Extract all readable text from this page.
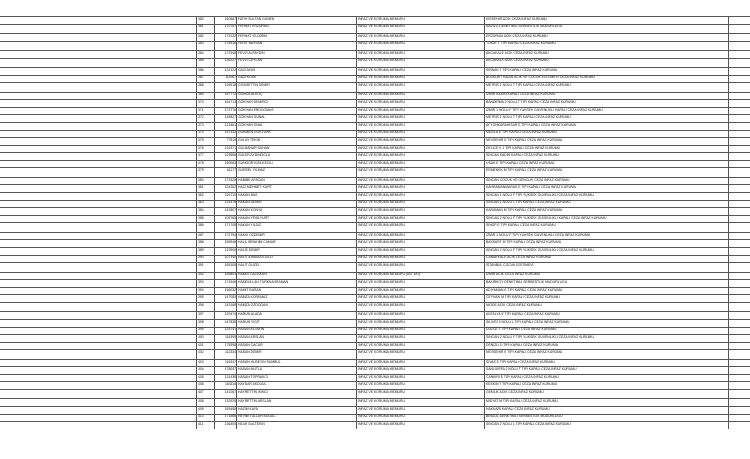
380	160567 FATIH SULTAN GUNEN	INFAZ VE KORUMA MEMURU	KIRSEHIR ACIK CEZA INFAZ KURUMU
381	170757 FERHAT ERZURAN	INFAZ VE KORUMA MEMURU	NAZILLI DENETIMLI SERBESTLIK MUDURLUGU
382	173132 FERHAT YILDIRIM	INFAZ VE KORUMA MEMURU	ERZURUM ACIK CEZA INFAZ KURUMU
383	175916 FERIT BAYSAN	INFAZ VE KORUMA MEMURU	TOKAT T TIPI KAPALI CEZA INFAZ KURUMU
384	172308 FEVZI ALPAYDIN	INFAZ VE KORUMA MEMURU	AKCAKALE ACIK CEZA INFAZ KURUMU
385	136227 FEVZI CEYLAN	INFAZ VE KORUMA MEMURU	AKCAKALE ACIK CEZA INFAZ KURUMU
386	132122 GAZI AYAS	INFAZ VE KORUMA MEMURU	SIRNAK T TIPI KAPALI CEZA INFAZ KURUMU
387	111067 GAZI KOSE	INFAZ VE KORUMA MEMURU	BOZKURT KADIN ACIK VE COCUK EGITIMEVI CEZA INFAZ KURUMU
388	126918 GIYASETTIN DEMIR	INFAZ VE KORUMA MEMURU	METRIS 1 NOLU T TIPI KAPALI CEZA INFAZ KURUMU
369	157772 GONCA ALKOÇ	INFAZ VE KORUMA MEMURU	IZMIR KADIN KAPALI CEZA INFAZ KURUMU
370	164713 GOKHAN DEMIRCI	INFAZ VE KORUMA MEMURU	BANDIRMA 2 NOLU T TIPI KAPALI CEZA INFAZ KURUMU
371	172776 GOKHAN ERDOGMUS	INFAZ VE KORUMA MEMURU	IZMIR 1 NOLU F TIPI YUKSEK GUVENLIKLI KAPALI CEZA INFAZ KURUMU
372	145827 GOKHAN GUNAL	INFAZ VE KORUMA MEMURU	METRIS 1 NOLU T TIPI KAPALI CEZA INFAZ KURUMU
373	123461 GOKHAN ONAL	INFAZ VE KORUMA MEMURU	AFYONKARAHISAR E TIPI KAPALI CEZA INFAZ KURUMU
374	147332 GOKMEN GOKTURK	INFAZ VE KORUMA MEMURU	MUGLA E TIPI KAPALI CEZA INFAZ KURUMU
375	77519 GULAY TEKIN	INFAZ VE KORUMA MEMURU	NEVSEHIR E TIPI KAPALI CEZA INFAZ KURUMU
376	131971 GULBAHAR SAHAN	INFAZ VE KORUMA MEMURU	DELICE K 1 TIPI KAPALI CEZA INFAZ KURUMU
377	129556 GULER AYDINOGLU	INFAZ VE KORUMA MEMURU	SINCAN KADIN KAPALI CEZA INFAZ KURUMU
378	159063 GUNGOR KIZILKECILI	INFAZ VE KORUMA MEMURU	USAK E TIPI KAPALI CEZA INFAZ KURUMU
379	61177 GURSEL YILMAZ	INFAZ VE KORUMA MEMURU	ERMENEK M TIPI KAPALI CEZA INFAZ KURUMU
380	172328 HABIBE AFACAN	INFAZ VE KORUMA MEMURU	SINCAN COCUK VE GENCLIK CEZA INFAZ KURUMU
381	124262 HACI MEHMET KURT	INFAZ VE KORUMA MEMURU	KAHRAMANMARAS E TIPI KAPALI CEZA INFAZ KURUMU
382	126710 HAKAN BAS	INFAZ VE KORUMA MEMURU	SINCAN 1 NOLU F TIPI YUKSEK GUVENLIKLI CEZA INFAZ KURUMU
383	124478 HAKAN DEMIR	INFAZ VE KORUMA MEMURU	SINCAN 1 NOLU L TIPI KAPALI CEZA INFAZ KURUMU
384	142807 HAKAN KONYA	INFAZ VE KORUMA MEMURU	KARAMAN M TIPI KAPALI CEZA INFAZ KURUMU
385	105765 HAKAN YESILYURT	INFAZ VE KORUMA MEMURU	SINCAN 2 NOLU F TIPI YUKSEK GUVENLIKLI KAPALI CEZA INFAZ KURUMU
386	171708 HAKAN YILDIZ	INFAZ VE KORUMA MEMURU	SINOP E TIPI KAPALI CEZA INFAZ KURUMU
387	172794 HAKKI OZDEMIR	INFAZ VE KORUMA MEMURU	IZMIR 1 NOLU F TIPI YUKSEK GUVENLIKLI CEZA INFAZ KURUMU
388	155948 HALIL IBRAHIM CAMUR	INFAZ VE KORUMA MEMURU	BAYBURT M TIPI KAPALI CEZA INFAZ KURUMU
389	122906 HALIS DEMIR	INFAZ VE KORUMA MEMURU	SINCAN 2 NOLU F TIPI YUKSEK GUVENLIKLI CEZA INFAZ KURUMU
390	107340 HALIT ARABACIOGLU	INFAZ VE KORUMA MEMURU	CANAKKALE ACIK CEZA INFAZ KURUMU
391	165105 HALIT GUZEL	INFAZ VE KORUMA MEMURU	ISTANBUL COCUK EGITIMEVI
392	155803 HAMDI CALISKAN	INFAZ VE KORUMA MEMURU (657 4/D)	IZMIR ACIK CEZA INFAZ KURUMU
393	171946 HAMDULLAH TURKKAHRAMAN	INFAZ VE KORUMA MEMURU	BAKIRKOY DENETIMLI SERBESTLIK MUDURLUGU
394	156032 HAMIT BARAN	INFAZ VE KORUMA MEMURU	ADIYAMAN E TIPI KAPALI CEZA INFAZ KURUMU
395	147083 HAMZA KORKMAZ	INFAZ VE KORUMA MEMURU	CEYHAN M TIPI KAPALI CEZA INFAZ KURUMU
396	143168 HAMZA OZDOGAN	INFAZ VE KORUMA MEMURU	NIGDE ACIK CEZA INFAZ KURUMU
397	129474 HARUN ALADA	INFAZ VE KORUMA MEMURU	ANTALYA E TIPI KAPALI CEZA INFAZ KURUMU
398	147835 HARUN YIGIT	INFAZ VE KORUMA MEMURU	SILIVRI 3 NOLU L TIPI KAPALI CEZA INFAZ KURUMU
399	133741 HASAN ALI AKIN	INFAZ VE KORUMA MEMURU	DUZCE T TIPI KAPALI CEZA INFAZ KURUMU
400	116395 HASAN ARSLAN	INFAZ VE KORUMA MEMURU	SINCAN 2 NOLU F TIPI YUKSEK GUVENLIKLI CEZA INFAZ KURUMU
401	175398 HASAN CACUR	INFAZ VE KORUMA MEMURU	DENIZLI D TIPI KAPALI CEZA INFAZ KURUMU
402	112334 HASAN DEMIR	INFAZ VE KORUMA MEMURU	NEVSEHIR E TIPI KAPALI CEZA INFAZ KURUMU
403	116347 HASAN HUSEYIN SUMBUL	INFAZ VE KORUMA MEMURU	SIVAS E TIPI KAPALI CEZA INFAZ KURUMU
404	178047 HASAN MUTLU	INFAZ VE KORUMA MEMURU	SANLIURFA 2 NOLU T TIPI KAPALI CEZA INFAZ KURUMU
405	131436 HASAN TOPRAKCI	INFAZ VE KORUMA MEMURU	CANKIRI E TIPI KAPALI CEZA INFAZ KURUMU
406	163116 HAYDAR AKDUUL	INFAZ VE KORUMA MEMURU	KESKIN T TIPI KAPALI CEZA INFAZ KURUMU
407	141087 HAYRETTIN IKINCI	INFAZ VE KORUMA MEMURU	GEMLIK ACIK CEZA INFAZ KURUMU
408	132925 HAYRETTIN ARSLAN	INFAZ VE KORUMA MEMURU	MIDYAT M TIPI KAPALI CEZA INFAZ KURUMU
409	159458 HAZIM KAYA	INFAZ VE KORUMA MEMURU	HAKKARI KAPALI CEZA INFAZ KURUMU
410	171566 HEYBETULLAH BOGAC	INFAZ VE KORUMA MEMURU	BINGOL DENETIMLI SERBESTLIK MUDURLUGU
411	136405 HILMI GULTEKIN	INFAZ VE KORUMA MEMURU	SINCAN 2 NOLU L TIPI KAPALI CEZA INFAZ KURUMU
